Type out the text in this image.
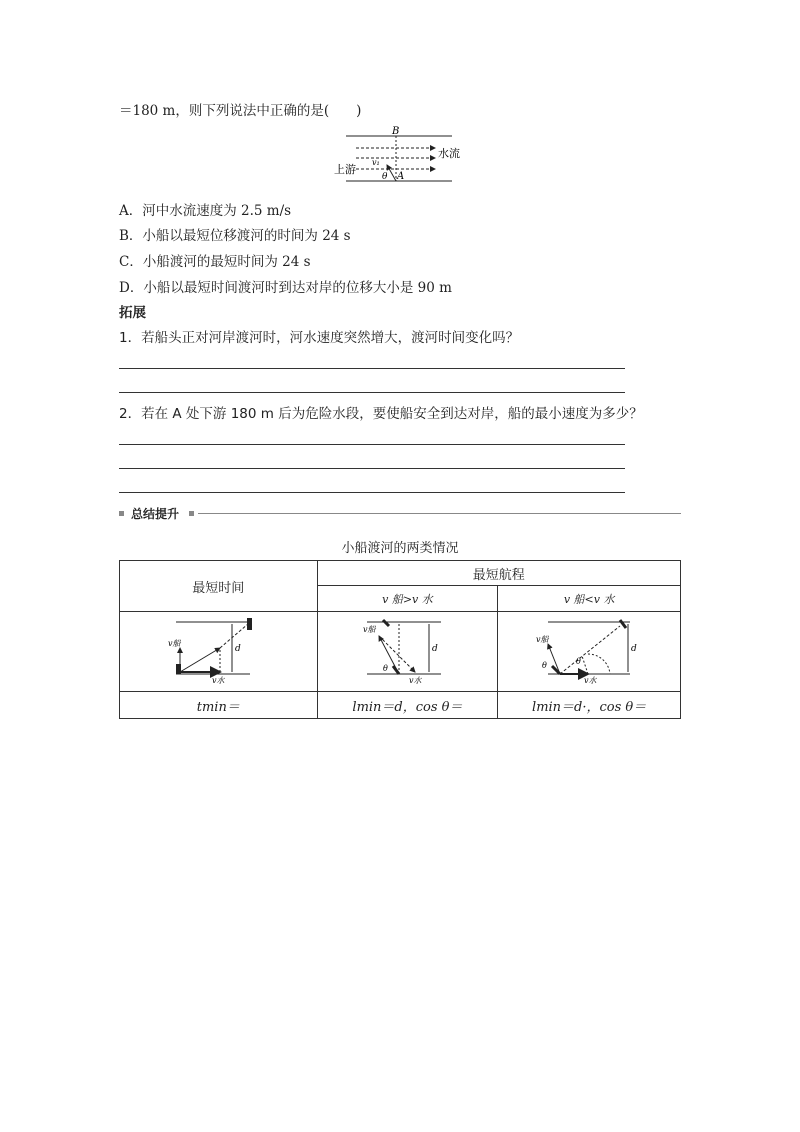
＝180 m，则下列说法中正确的是(　　)
B
A
水流
上游
v₁
θ
A．河中水流速度为 2.5 m/s
B．小船以最短位移渡河的时间为 24 s
C．小船渡河的最短时间为 24 s
D．小船以最短时间渡河时到达对岸的位移大小是 90 m
拓展
1．若船头正对河岸渡河时，河水速度突然增大，渡河时间变化吗？
2．若在 A 处下游 180 m 后为危险水段，要使船安全到达对岸，船的最小速度为多少？
总结提升
小船渡河的两类情况
最短时间	最短航程	
	v 船>v 水	v 船<v 水

v船
v水
d	v船
v水
d
θ	v船
v水
d
θ θ

tmin＝	lmin＝d，cos θ＝	lmin＝d·，cos θ＝
